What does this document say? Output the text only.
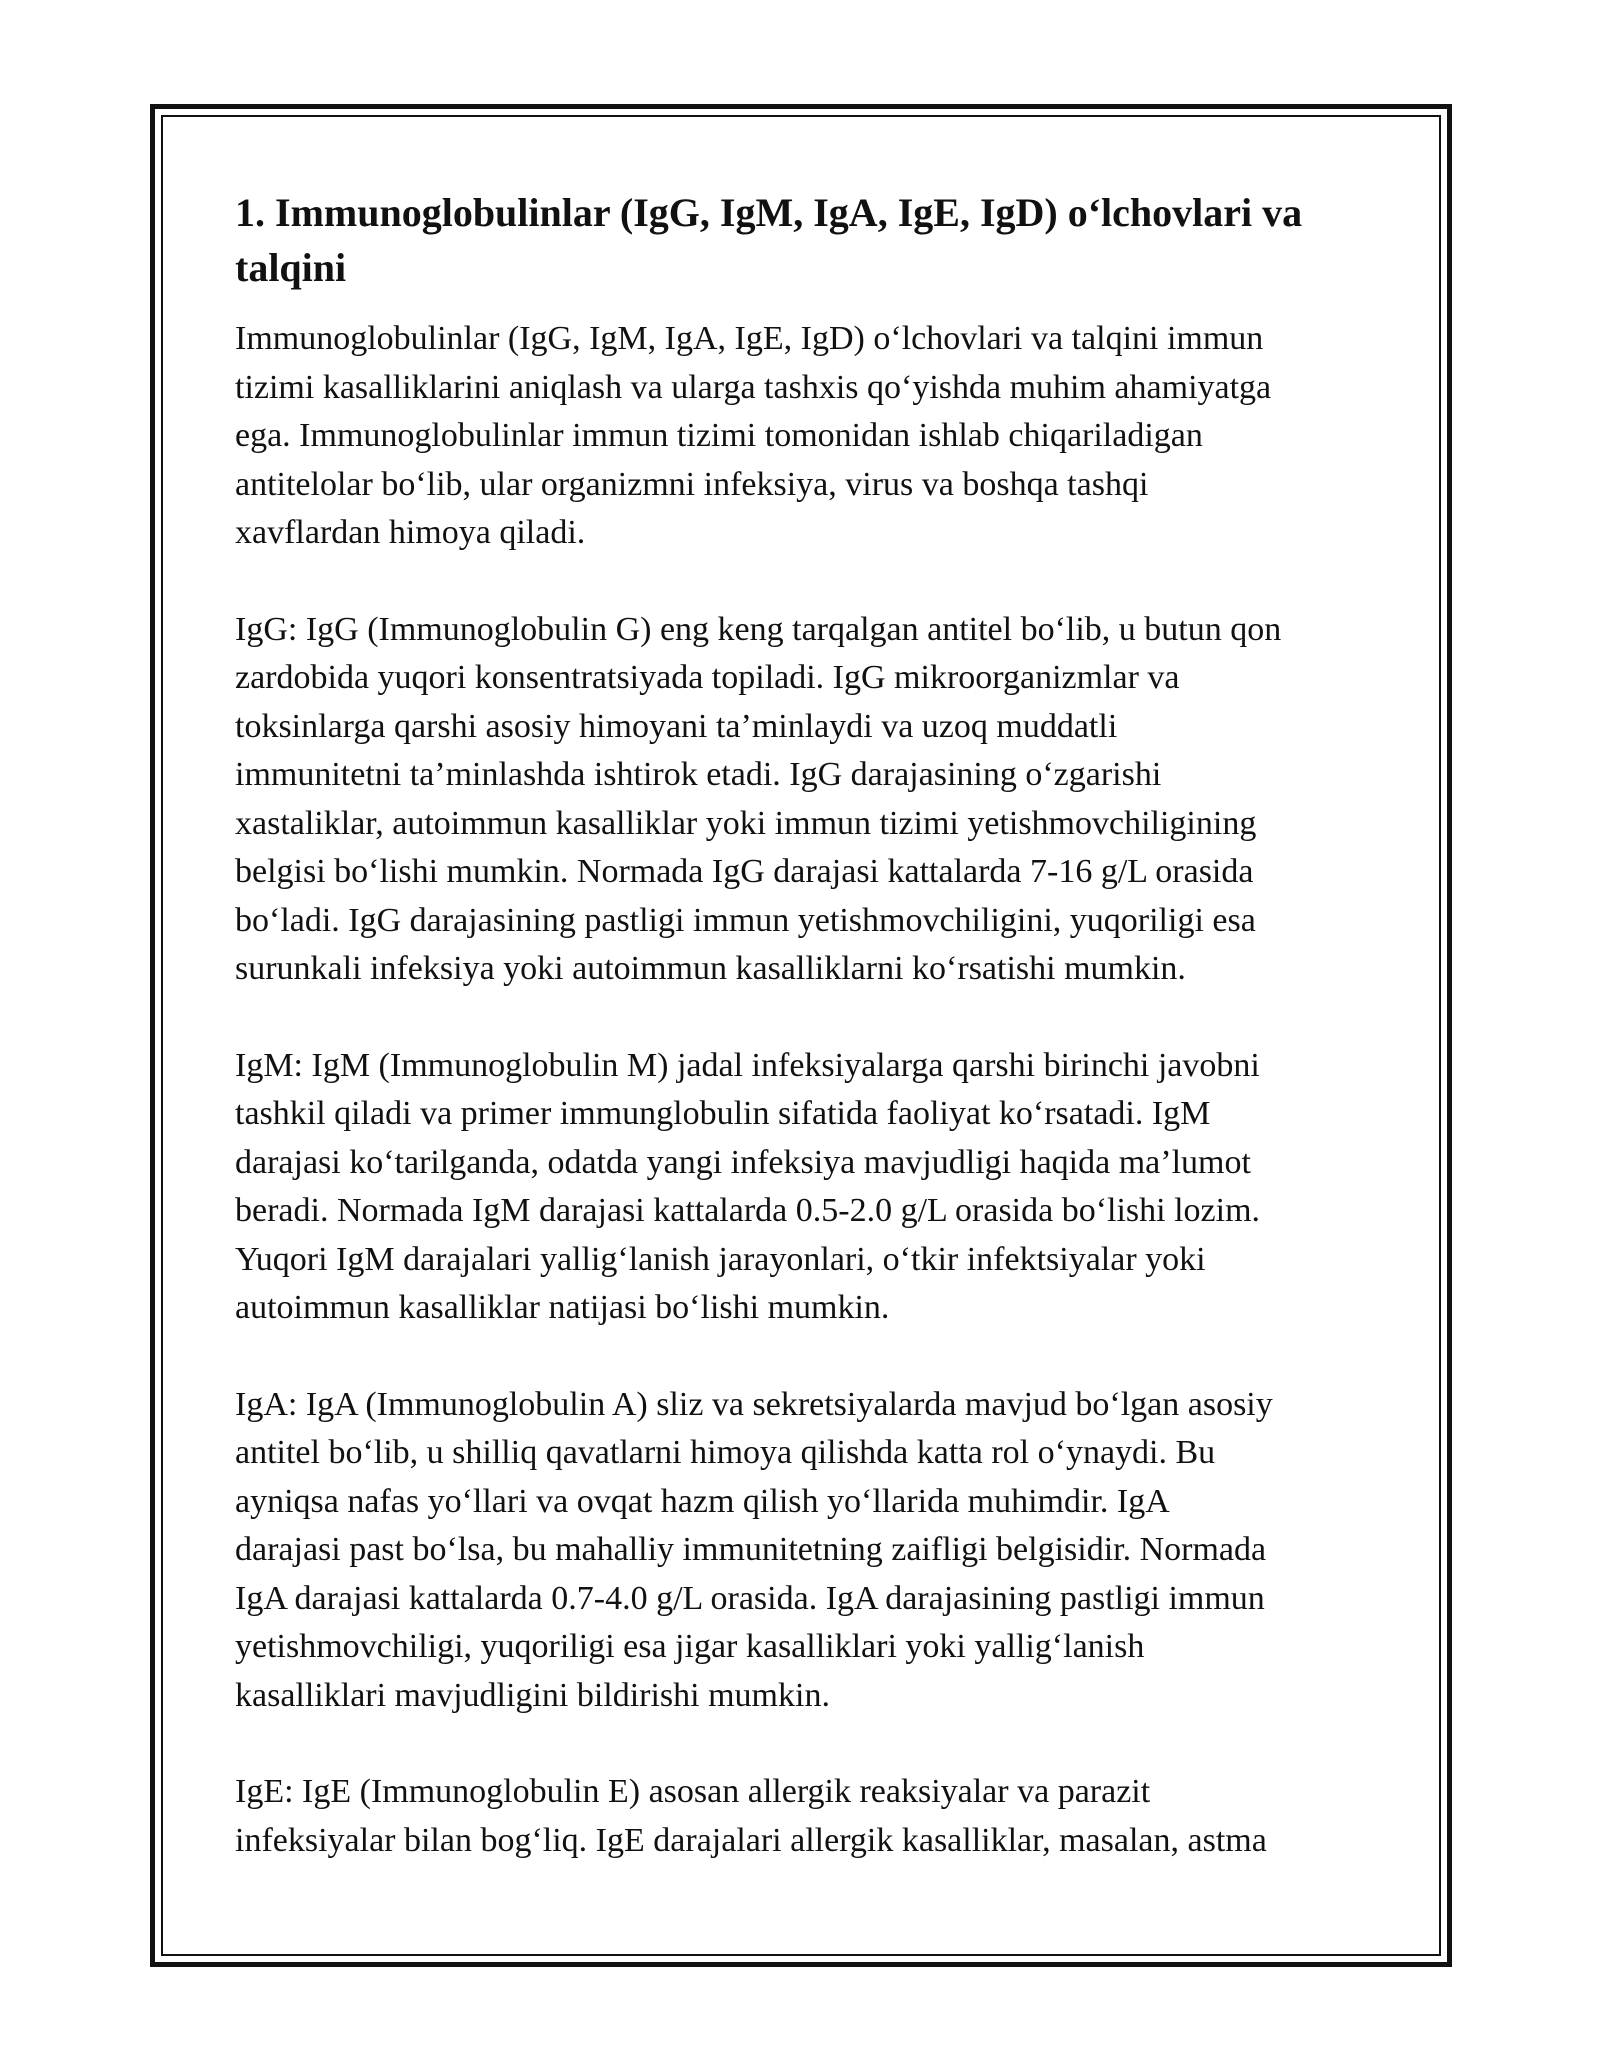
1. Immunoglobulinlar (IgG, IgM, IgA, IgE, IgD) o‘lchovlari va
talqini

Immunoglobulinlar (IgG, IgM, IgA, IgE, IgD) o‘lchovlari va talqini immun
tizimi kasalliklarini aniqlash va ularga tashxis qo‘yishda muhim ahamiyatga
ega. Immunoglobulinlar immun tizimi tomonidan ishlab chiqariladigan
antitelolar bo‘lib, ular organizmni infeksiya, virus va boshqa tashqi
xavflardan himoya qiladi.

IgG: IgG (Immunoglobulin G) eng keng tarqalgan antitel bo‘lib, u butun qon
zardobida yuqori konsentratsiyada topiladi. IgG mikroorganizmlar va
toksinlarga qarshi asosiy himoyani ta’minlaydi va uzoq muddatli
immunitetni ta’minlashda ishtirok etadi. IgG darajasining o‘zgarishi
xastaliklar, autoimmun kasalliklar yoki immun tizimi yetishmovchiligining
belgisi bo‘lishi mumkin. Normada IgG darajasi kattalarda 7-16 g/L orasida
bo‘ladi. IgG darajasining pastligi immun yetishmovchiligini, yuqoriligi esa
surunkali infeksiya yoki autoimmun kasalliklarni ko‘rsatishi mumkin.

IgM: IgM (Immunoglobulin M) jadal infeksiyalarga qarshi birinchi javobni
tashkil qiladi va primer immunglobulin sifatida faoliyat ko‘rsatadi. IgM
darajasi ko‘tarilganda, odatda yangi infeksiya mavjudligi haqida ma’lumot
beradi. Normada IgM darajasi kattalarda 0.5-2.0 g/L orasida bo‘lishi lozim.
Yuqori IgM darajalari yallig‘lanish jarayonlari, o‘tkir infektsiyalar yoki
autoimmun kasalliklar natijasi bo‘lishi mumkin.

IgA: IgA (Immunoglobulin A) sliz va sekretsiyalarda mavjud bo‘lgan asosiy
antitel bo‘lib, u shilliq qavatlarni himoya qilishda katta rol o‘ynaydi. Bu
ayniqsa nafas yo‘llari va ovqat hazm qilish yo‘llarida muhimdir. IgA
darajasi past bo‘lsa, bu mahalliy immunitetning zaifligi belgisidir. Normada
IgA darajasi kattalarda 0.7-4.0 g/L orasida. IgA darajasining pastligi immun
yetishmovchiligi, yuqoriligi esa jigar kasalliklari yoki yallig‘lanish
kasalliklari mavjudligini bildirishi mumkin.

IgE: IgE (Immunoglobulin E) asosan allergik reaksiyalar va parazit
infeksiyalar bilan bog‘liq. IgE darajalari allergik kasalliklar, masalan, astma
